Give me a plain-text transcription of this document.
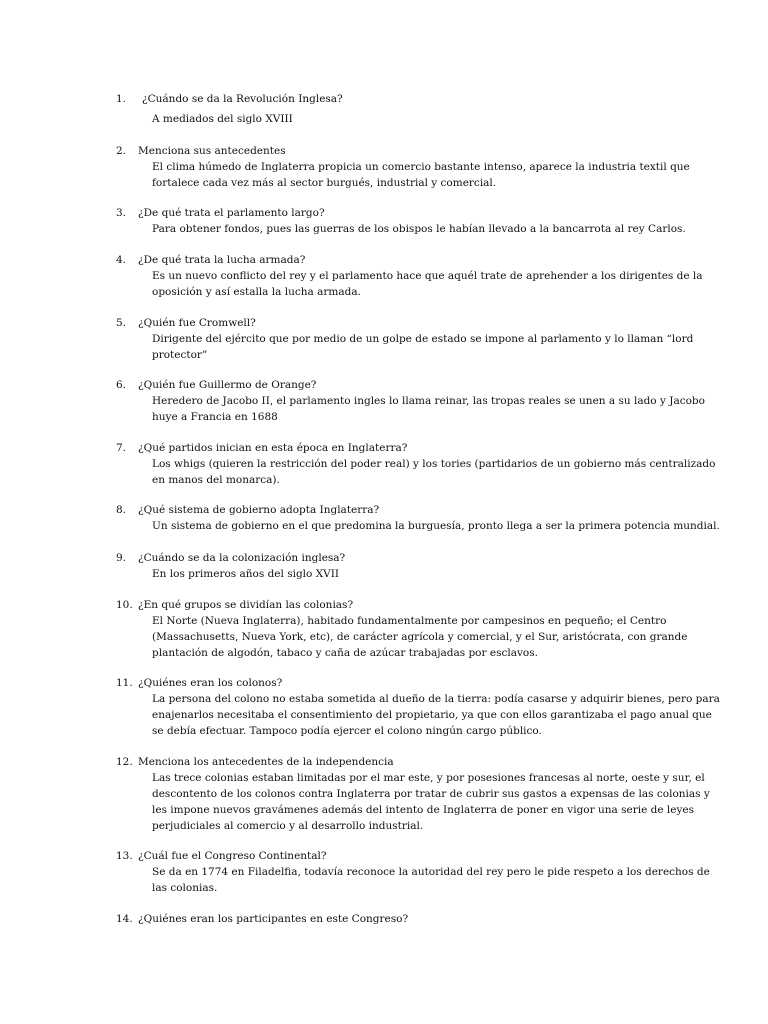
1. ¿Cuándo se da la Revolución Inglesa?
A mediados del siglo XVIII
2. Menciona sus antecedentes
El clima húmedo de Inglaterra propicia un comercio bastante intenso, aparece la industria textil que
fortalece cada vez más al sector burgués, industrial y comercial.
3. ¿De qué trata el parlamento largo?
Para obtener fondos, pues las guerras de los obispos le habían llevado a la bancarrota al rey Carlos.
4. ¿De qué trata la lucha armada?
Es un nuevo conflicto del rey y el parlamento hace que aquél trate de aprehender a los dirigentes de la
oposición y así estalla la lucha armada.
5. ¿Quién fue Cromwell?
Dirigente del ejército que por medio de un golpe de estado se impone al parlamento y lo llaman “lord
protector”
6. ¿Quién fue Guillermo de Orange?
Heredero de Jacobo II, el parlamento ingles lo llama reinar, las tropas reales se unen a su lado y Jacobo
huye a Francia en 1688
7. ¿Qué partidos inician en esta época en Inglaterra?
Los whigs (quieren la restricción del poder real) y los tories (partidarios de un gobierno más centralizado
en manos del monarca).
8. ¿Qué sistema de gobierno adopta Inglaterra?
Un sistema de gobierno en el que predomina la burguesía, pronto llega a ser la primera potencia mundial.
9. ¿Cuándo se da la colonización inglesa?
En los primeros años del siglo XVII
10. ¿En qué grupos se dividían las colonias?
El Norte (Nueva Inglaterra), habitado fundamentalmente por campesinos en pequeño; el Centro
(Massachusetts, Nueva York, etc), de carácter agrícola y comercial, y el Sur, aristócrata, con grande
plantación de algodón, tabaco y caña de azúcar trabajadas por esclavos.
11. ¿Quiénes eran los colonos?
La persona del colono no estaba sometida al dueño de la tierra: podía casarse y adquirir bienes, pero para
enajenarlos necesitaba el consentimiento del propietario, ya que con ellos garantizaba el pago anual que
se debía efectuar. Tampoco podía ejercer el colono ningún cargo público.
12. Menciona los antecedentes de la independencia
Las trece colonias estaban limitadas por el mar este, y por posesiones francesas al norte, oeste y sur, el
descontento de los colonos contra Inglaterra por tratar de cubrir sus gastos a expensas de las colonias y
les impone nuevos gravámenes además del intento de Inglaterra de poner en vigor una serie de leyes
perjudiciales al comercio y al desarrollo industrial.
13. ¿Cuál fue el Congreso Continental?
Se da en 1774 en Filadelfia, todavía reconoce la autoridad del rey pero le pide respeto a los derechos de
las colonias.
14. ¿Quiénes eran los participantes en este Congreso?
